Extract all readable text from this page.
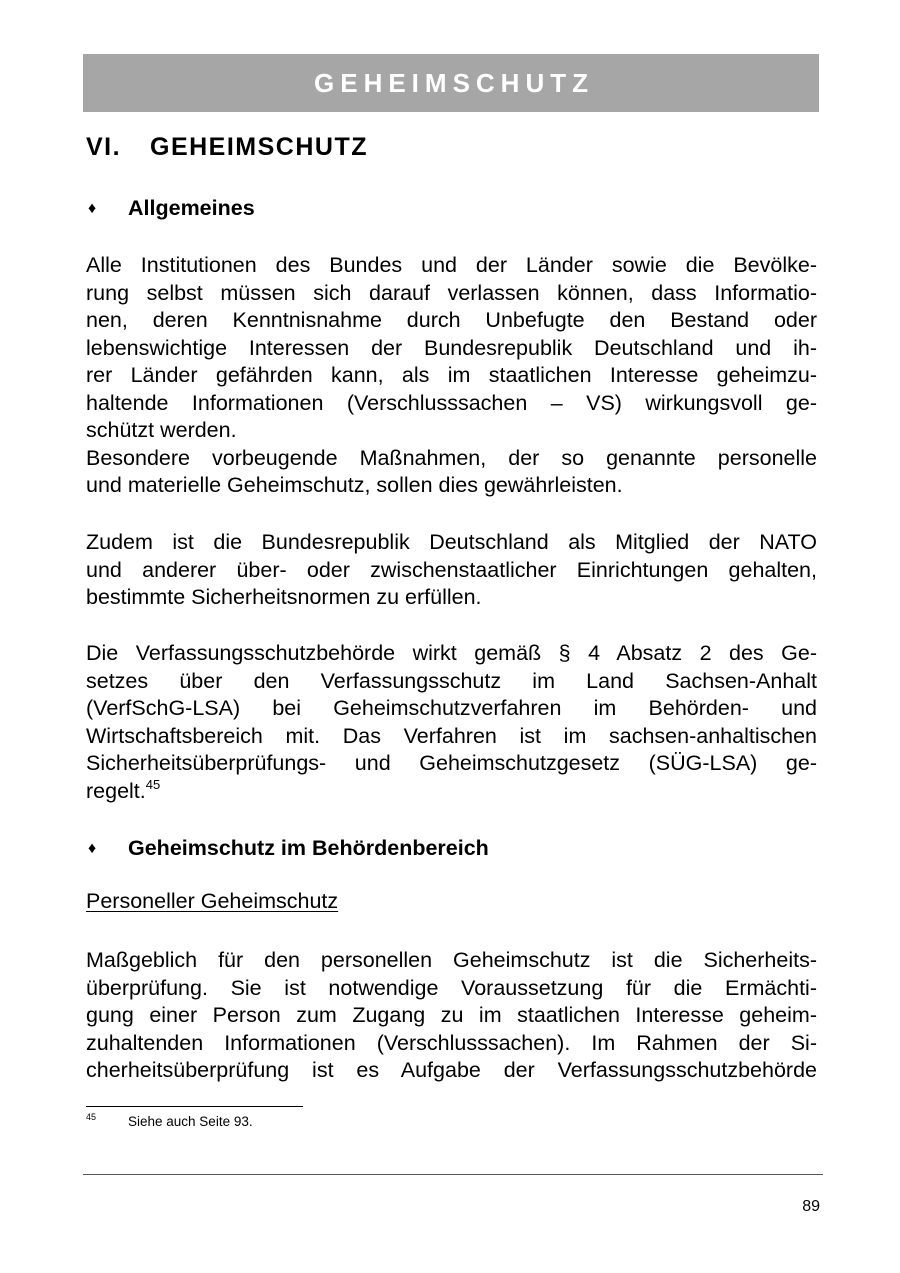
GEHEIMSCHUTZ
VI. GEHEIMSCHUTZ
♦ Allgemeines
Alle Institutionen des Bundes und der Länder sowie die Bevölke-
rung selbst müssen sich darauf verlassen können, dass Informatio-
nen, deren Kenntnisnahme durch Unbefugte den Bestand oder
lebenswichtige Interessen der Bundesrepublik Deutschland und ih-
rer Länder gefährden kann, als im staatlichen Interesse geheimzu-
haltende Informationen (Verschlusssachen – VS) wirkungsvoll ge-
schützt werden.
Besondere vorbeugende Maßnahmen, der so genannte personelle
und materielle Geheimschutz, sollen dies gewährleisten.
Zudem ist die Bundesrepublik Deutschland als Mitglied der NATO
und anderer über- oder zwischenstaatlicher Einrichtungen gehalten,
bestimmte Sicherheitsnormen zu erfüllen.
Die Verfassungsschutzbehörde wirkt gemäß § 4 Absatz 2 des Ge-
setzes über den Verfassungsschutz im Land Sachsen-Anhalt
(VerfSchG-LSA) bei Geheimschutzverfahren im Behörden- und
Wirtschaftsbereich mit. Das Verfahren ist im sachsen-anhaltischen
Sicherheitsüberprüfungs- und Geheimschutzgesetz (SÜG-LSA) ge-
regelt.$^{45}$
♦ Geheimschutz im Behördenbereich
Personeller Geheimschutz
Maßgeblich für den personellen Geheimschutz ist die Sicherheits-
überprüfung. Sie ist notwendige Voraussetzung für die Ermächti-
gung einer Person zum Zugang zu im staatlichen Interesse geheim-
zuhaltenden Informationen (Verschlusssachen). Im Rahmen der Si-
cherheitsüberprüfung ist es Aufgabe der Verfassungsschutzbehörde
45 Siehe auch Seite 93.
89
